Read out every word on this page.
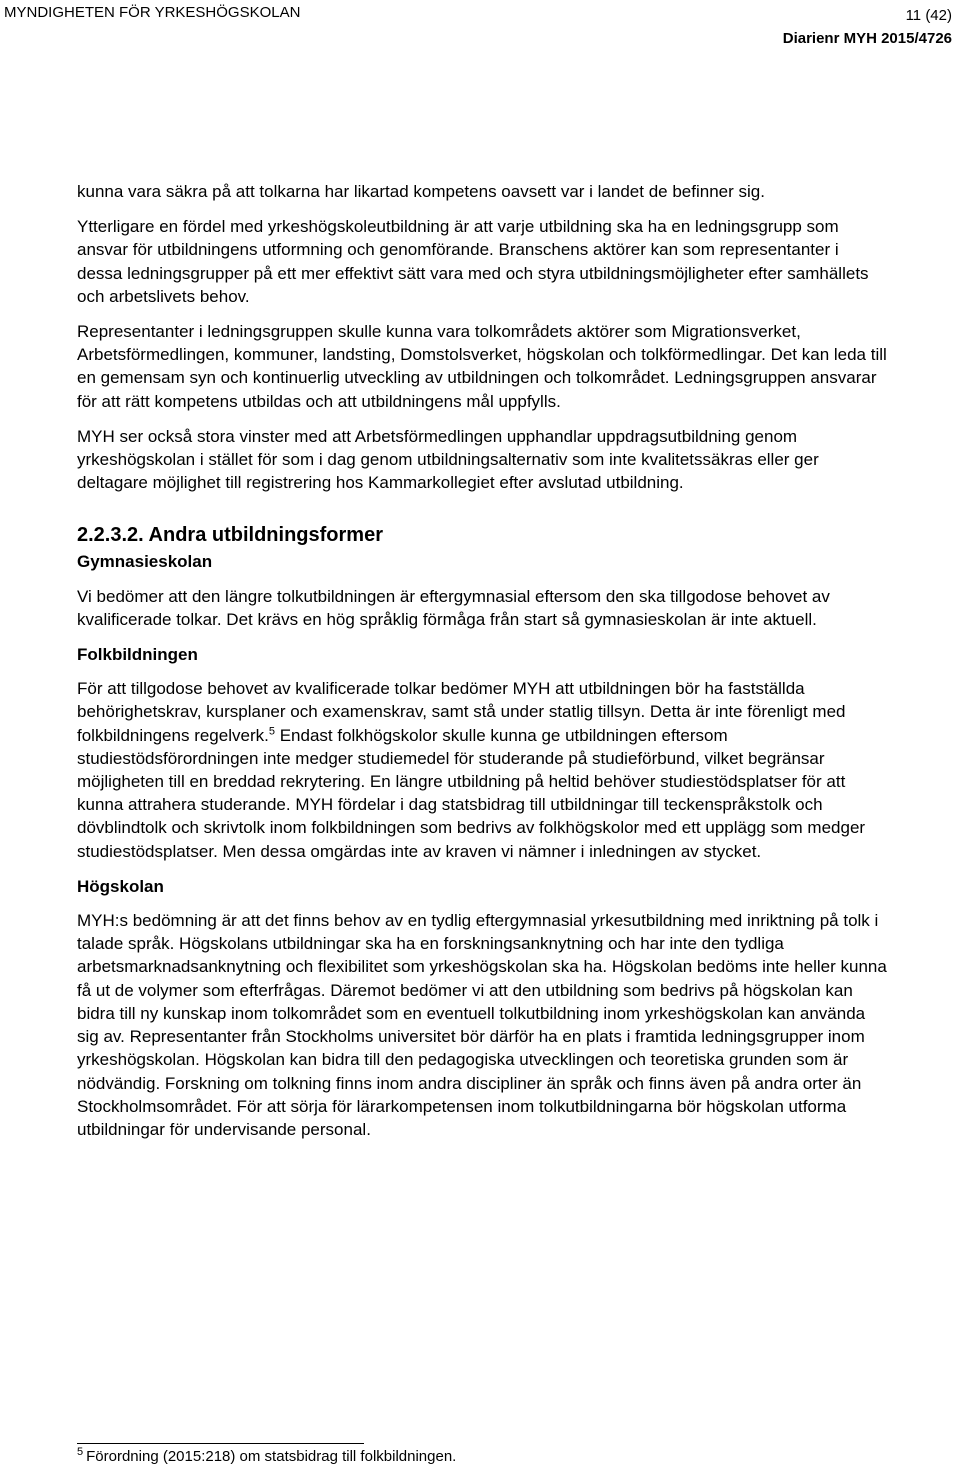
MYNDIGHETEN FÖR YRKESHÖGSKOLAN	11 (42)
Diarienr MYH 2015/4726

kunna vara säkra på att tolkarna har likartad kompetens oavsett var i landet de befinner sig.

Ytterligare en fördel med yrkeshögskoleutbildning är att varje utbildning ska ha en ledningsgrupp som ansvar för utbildningens utformning och genomförande. Branschens aktörer kan som representanter i dessa ledningsgrupper på ett mer effektivt sätt vara med och styra utbildningsmöjligheter efter samhällets och arbetslivets behov.

Representanter i ledningsgruppen skulle kunna vara tolkområdets aktörer som Migrationsverket, Arbetsförmedlingen, kommuner, landsting, Domstolsverket, högskolan och tolkförmedlingar. Det kan leda till en gemensam syn och kontinuerlig utveckling av utbildningen och tolkområdet. Ledningsgruppen ansvarar för att rätt kompetens utbildas och att utbildningens mål uppfylls.

MYH ser också stora vinster med att Arbetsförmedlingen upphandlar uppdragsutbildning genom yrkeshögskolan i stället för som i dag genom utbildningsalternativ som inte kvalitetssäkras eller ger deltagare möjlighet till registrering hos Kammarkollegiet efter avslutad utbildning.

2.2.3.2. Andra utbildningsformer
Gymnasieskolan

Vi bedömer att den längre tolkutbildningen är eftergymnasial eftersom den ska tillgodose behovet av kvalificerade tolkar. Det krävs en hög språklig förmåga från start så gymnasieskolan är inte aktuell.

Folkbildningen

För att tillgodose behovet av kvalificerade tolkar bedömer MYH att utbildningen bör ha fastställda behörighetskrav, kursplaner och examenskrav, samt stå under statlig tillsyn. Detta är inte förenligt med folkbildningens regelverk.$^5$ Endast folkhögskolor skulle kunna ge utbildningen eftersom studiestödsförordningen inte medger studiemedel för studerande på studieförbund, vilket begränsar möjligheten till en breddad rekrytering. En längre utbildning på heltid behöver studiestödsplatser för att kunna attrahera studerande. MYH fördelar i dag statsbidrag till utbildningar till teckenspråkstolk och dövblindtolk och skrivtolk inom folkbildningen som bedrivs av folkhögskolor med ett upplägg som medger studiestödsplatser. Men dessa omgärdas inte av kraven vi nämner i inledningen av stycket.

Högskolan

MYH:s bedömning är att det finns behov av en tydlig eftergymnasial yrkesutbildning med inriktning på tolk i talade språk. Högskolans utbildningar ska ha en forskningsanknytning och har inte den tydliga arbetsmarknadsanknytning och flexibilitet som yrkeshögskolan ska ha. Högskolan bedöms inte heller kunna få ut de volymer som efterfrågas. Däremot bedömer vi att den utbildning som bedrivs på högskolan kan bidra till ny kunskap inom tolkområdet som en eventuell tolkutbildning inom yrkeshögskolan kan använda sig av. Representanter från Stockholms universitet bör därför ha en plats i framtida ledningsgrupper inom yrkeshögskolan. Högskolan kan bidra till den pedagogiska utvecklingen och teoretiska grunden som är nödvändig. Forskning om tolkning finns inom andra discipliner än språk och finns även på andra orter än Stockholmsområdet. För att sörja för lärarkompetensen inom tolkutbildningarna bör högskolan utforma utbildningar för undervisande personal.

$^5$ Förordning (2015:218) om statsbidrag till folkbildningen.
